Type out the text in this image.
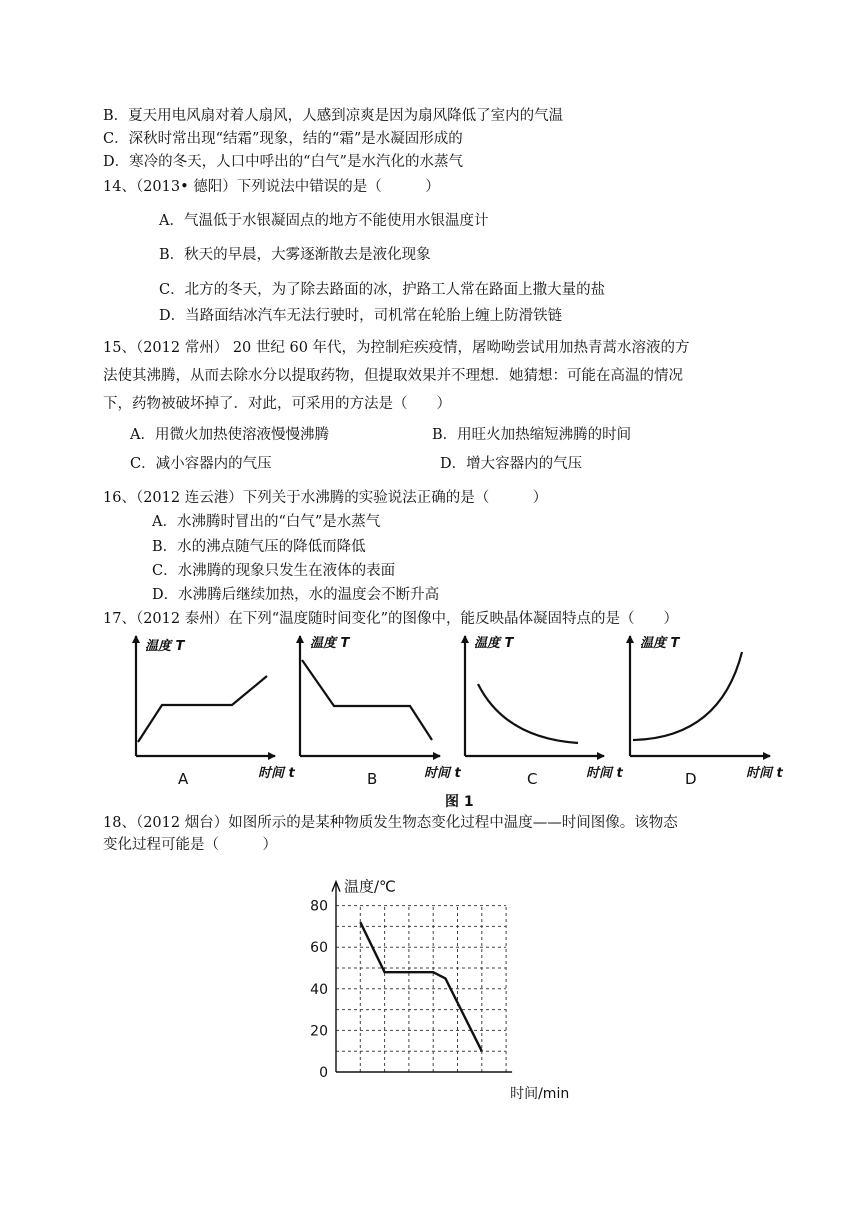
B．夏天用电风扇对着人扇风，人感到凉爽是因为扇风降低了室内的气温
C．深秋时常出现“结霜”现象，结的“霜”是水凝固形成的
D．寒冷的冬天，人口中呼出的“白气”是水汽化的水蒸气
14、（2013• 德阳）下列说法中错误的是（　　　）
A．气温低于水银凝固点的地方不能使用水银温度计
B．秋天的早晨，大雾逐渐散去是液化现象
C．北方的冬天，为了除去路面的冰，护路工人常在路面上撒大量的盐
D．当路面结冰汽车无法行驶时，司机常在轮胎上缠上防滑铁链
15、（2012 常州） 20 世纪 60 年代，为控制疟疾疫情，屠呦呦尝试用加热青蒿水溶液的方
法使其沸腾，从而去除水分以提取药物，但提取效果并不理想．她猜想：可能在高温的情况
下，药物被破坏掉了．对此，可采用的方法是（　　）
A．用微火加热使溶液慢慢沸腾	B．用旺火加热缩短沸腾的时间
C．减小容器内的气压	D．增大容器内的气压
16、（2012 连云港）下列关于水沸腾的实验说法正确的是（　　　）
A．水沸腾时冒出的“白气”是水蒸气
B．水的沸点随气压的降低而降低
C．水沸腾的现象只发生在液体的表面
D．水沸腾后继续加热，水的温度会不断升高
17、（2012 泰州）在下列“温度随时间变化”的图像中，能反映晶体凝固特点的是（　　）
温度 T	温度 T	温度 T	温度 T
时间 t	时间 t	时间 t	时间 t
A	B	C	D
图 1
18、（2012 烟台）如图所示的是某种物质发生物态变化过程中温度——时间图像。该物态
变化过程可能是（　　　）
80
60
40
20
0
温度/℃
时间/min
